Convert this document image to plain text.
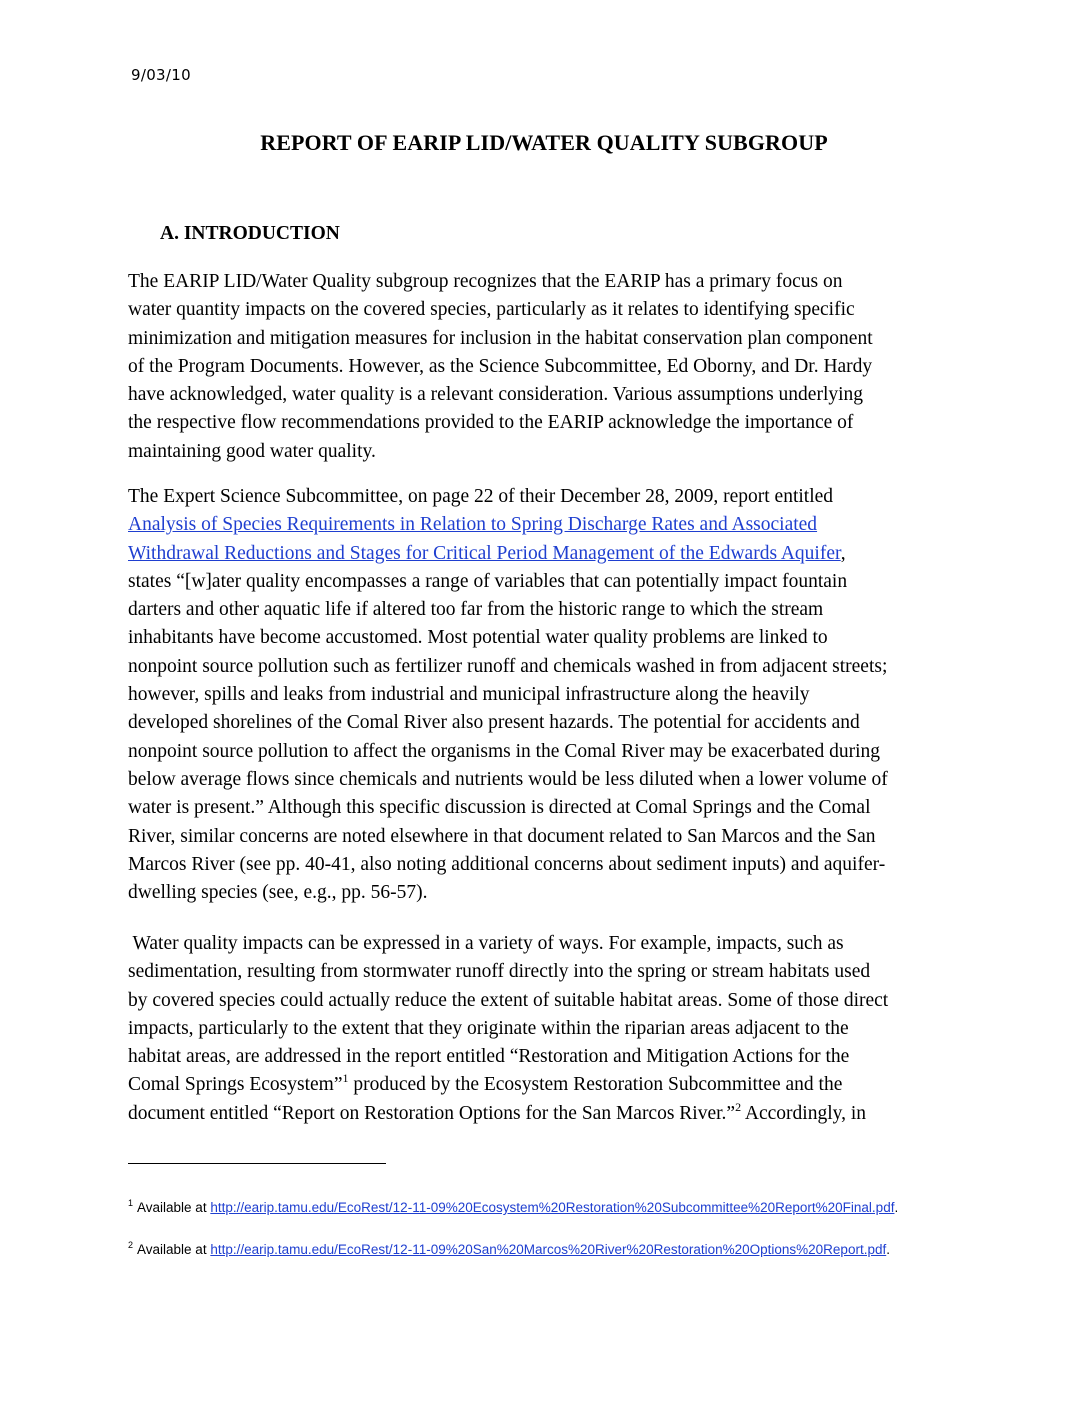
9/03/10
REPORT OF EARIP LID/WATER QUALITY SUBGROUP
A. INTRODUCTION
The EARIP LID/Water Quality subgroup recognizes that the EARIP has a primary focus on
water quantity impacts on the covered species, particularly as it relates to identifying specific
minimization and mitigation measures for inclusion in the habitat conservation plan component
of the Program Documents. However, as the Science Subcommittee, Ed Oborny, and Dr. Hardy
have acknowledged, water quality is a relevant consideration. Various assumptions underlying
the respective flow recommendations provided to the EARIP acknowledge the importance of
maintaining good water quality.
The Expert Science Subcommittee, on page 22 of their December 28, 2009, report entitled
Analysis of Species Requirements in Relation to Spring Discharge Rates and Associated
Withdrawal Reductions and Stages for Critical Period Management of the Edwards Aquifer,
states “[w]ater quality encompasses a range of variables that can potentially impact fountain
darters and other aquatic life if altered too far from the historic range to which the stream
inhabitants have become accustomed. Most potential water quality problems are linked to
nonpoint source pollution such as fertilizer runoff and chemicals washed in from adjacent streets;
however, spills and leaks from industrial and municipal infrastructure along the heavily
developed shorelines of the Comal River also present hazards. The potential for accidents and
nonpoint source pollution to affect the organisms in the Comal River may be exacerbated during
below average flows since chemicals and nutrients would be less diluted when a lower volume of
water is present.” Although this specific discussion is directed at Comal Springs and the Comal
River, similar concerns are noted elsewhere in that document related to San Marcos and the San
Marcos River (see pp. 40-41, also noting additional concerns about sediment inputs) and aquifer-
dwelling species (see, e.g., pp. 56-57).
Water quality impacts can be expressed in a variety of ways. For example, impacts, such as
sedimentation, resulting from stormwater runoff directly into the spring or stream habitats used
by covered species could actually reduce the extent of suitable habitat areas. Some of those direct
impacts, particularly to the extent that they originate within the riparian areas adjacent to the
habitat areas, are addressed in the report entitled “Restoration and Mitigation Actions for the
Comal Springs Ecosystem”$^1$ produced by the Ecosystem Restoration Subcommittee and the
document entitled “Report on Restoration Options for the San Marcos River.”$^2$ Accordingly, in
$^1$ Available at http://earip.tamu.edu/EcoRest/12-11-09%20Ecosystem%20Restoration%20Subcommittee%20Report%20Final.pdf.
$^2$ Available at http://earip.tamu.edu/EcoRest/12-11-09%20San%20Marcos%20River%20Restoration%20Options%20Report.pdf.
